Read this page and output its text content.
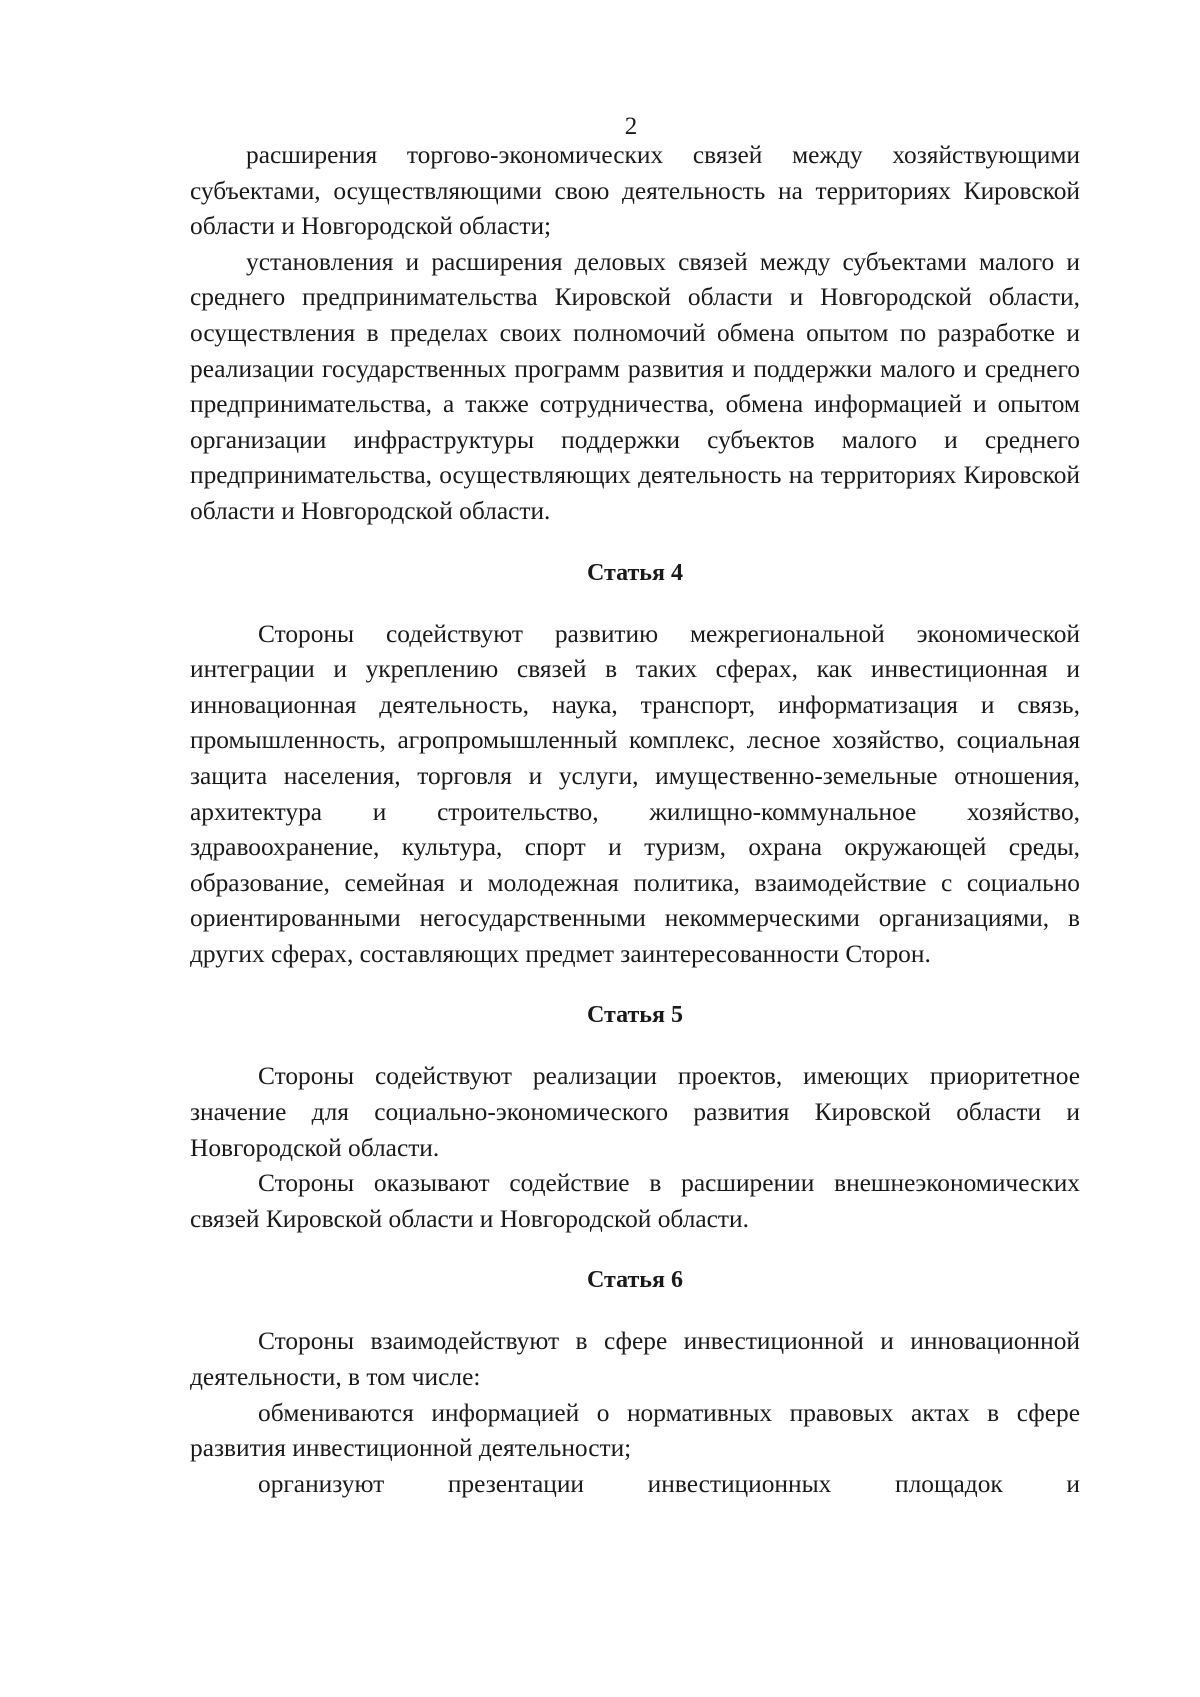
2

расширения торгово-экономических связей между хозяйствующими субъектами, осуществляющими свою деятельность на территориях Кировской области и Новгородской области;

установления и расширения деловых связей между субъектами малого и среднего предпринимательства Кировской области и Новгородской области, осуществления в пределах своих полномочий обмена опытом по разработке и реализации государственных программ развития и поддержки малого и среднего предпринимательства, а также сотрудничества, обмена информацией и опытом организации инфраструктуры поддержки субъектов малого и среднего предпринимательства, осуществляющих деятельность на территориях Кировской области и Новгородской области.

Статья 4

Стороны содействуют развитию межрегиональной экономической интеграции и укреплению связей в таких сферах, как инвестиционная и инновационная деятельность, наука, транспорт, информатизация и связь, промышленность, агропромышленный комплекс, лесное хозяйство, социальная защита населения, торговля и услуги, имущественно-земельные отношения, архитектура и строительство, жилищно-коммунальное хозяйство, здравоохранение, культура, спорт и туризм, охрана окружающей среды, образование, семейная и молодежная политика, взаимодействие с социально ориентированными негосударственными некоммерческими организациями, в других сферах, составляющих предмет заинтересованности Сторон.

Статья 5

Стороны содействуют реализации проектов, имеющих приоритетное значение для социально-экономического развития Кировской области и Новгородской области.

Стороны оказывают содействие в расширении внешнеэкономических связей Кировской области и Новгородской области.

Статья 6

Стороны взаимодействуют в сфере инвестиционной и инновационной деятельности, в том числе:

обмениваются информацией о нормативных правовых актах в сфере развития инвестиционной деятельности;

организуют презентации инвестиционных площадок и
